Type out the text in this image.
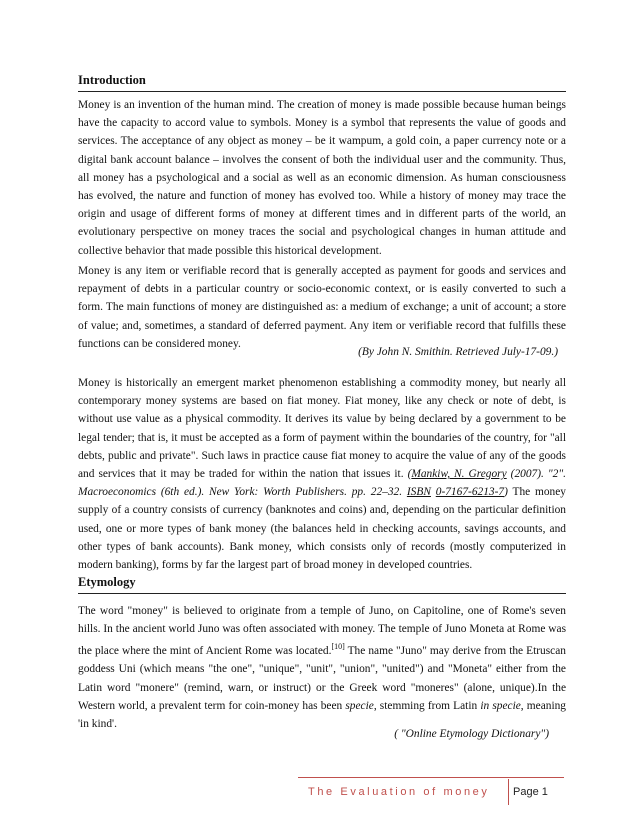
Introduction

Money is an invention of the human mind. The creation of money is made possible because human beings have the capacity to accord value to symbols. Money is a symbol that represents the value of goods and services. The acceptance of any object as money – be it wampum, a gold coin, a paper currency note or a digital bank account balance – involves the consent of both the individual user and the community. Thus, all money has a psychological and a social as well as an economic dimension. As human consciousness has evolved, the nature and function of money has evolved too. While a history of money may trace the origin and usage of different forms of money at different times and in different parts of the world, an evolutionary perspective on money traces the social and psychological changes in human attitude and collective behavior that made possible this historical development.

Money is any item or verifiable record that is generally accepted as payment for goods and services and repayment of debts in a particular country or socio-economic context, or is easily converted to such a form. The main functions of money are distinguished as: a medium of exchange; a unit of account; a store of value; and, sometimes, a standard of deferred payment. Any item or verifiable record that fulfills these functions can be considered money.

(By John N. Smithin. Retrieved July-17-09.)

Money is historically an emergent market phenomenon establishing a commodity money, but nearly all contemporary money systems are based on fiat money. Fiat money, like any check or note of debt, is without use value as a physical commodity. It derives its value by being declared by a government to be legal tender; that is, it must be accepted as a form of payment within the boundaries of the country, for "all debts, public and private". Such laws in practice cause fiat money to acquire the value of any of the goods and services that it may be traded for within the nation that issues it. (Mankiw, N. Gregory (2007). "2". Macroeconomics (6th ed.). New York: Worth Publishers. pp. 22–32. ISBN 0-7167-6213-7) The money supply of a country consists of currency (banknotes and coins) and, depending on the particular definition used, one or more types of bank money (the balances held in checking accounts, savings accounts, and other types of bank accounts). Bank money, which consists only of records (mostly computerized in modern banking), forms by far the largest part of broad money in developed countries.

Etymology

The word "money" is believed to originate from a temple of Juno, on Capitoline, one of Rome's seven hills. In the ancient world Juno was often associated with money. The temple of Juno Moneta at Rome was the place where the mint of Ancient Rome was located.[10] The name "Juno" may derive from the Etruscan goddess Uni (which means "the one", "unique", "unit", "union", "united") and "Moneta" either from the Latin word "monere" (remind, warn, or instruct) or the Greek word "moneres" (alone, unique).In the Western world, a prevalent term for coin-money has been specie, stemming from Latin in specie, meaning 'in kind'.

( "Online Etymology Dictionary")
The Evaluation of money	Page 1
